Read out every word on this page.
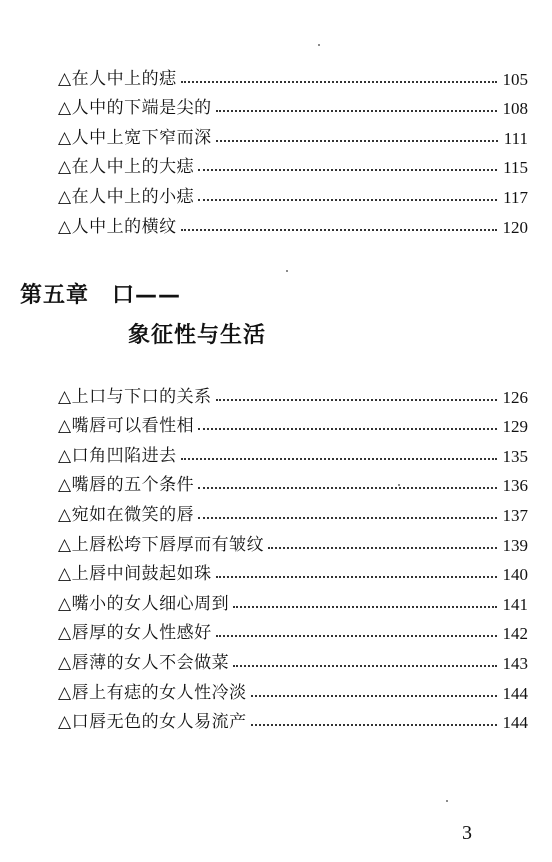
△在人中上的痣	105
△人中的下端是尖的	108
△人中上宽下窄而深	111
△在人中上的大痣	115
△在人中上的小痣	117
△人中上的横纹	120
第五章　口——
象征性与生活
△上口与下口的关系	126
△嘴唇可以看性相	129
△口角凹陷进去	135
△嘴唇的五个条件	136
△宛如在微笑的唇	137
△上唇松垮下唇厚而有皱纹	139
△上唇中间鼓起如珠	140
△嘴小的女人细心周到	141
△唇厚的女人性感好	142
△唇薄的女人不会做菜	143
△唇上有痣的女人性冷淡	144
△口唇无色的女人易流产	144
3
